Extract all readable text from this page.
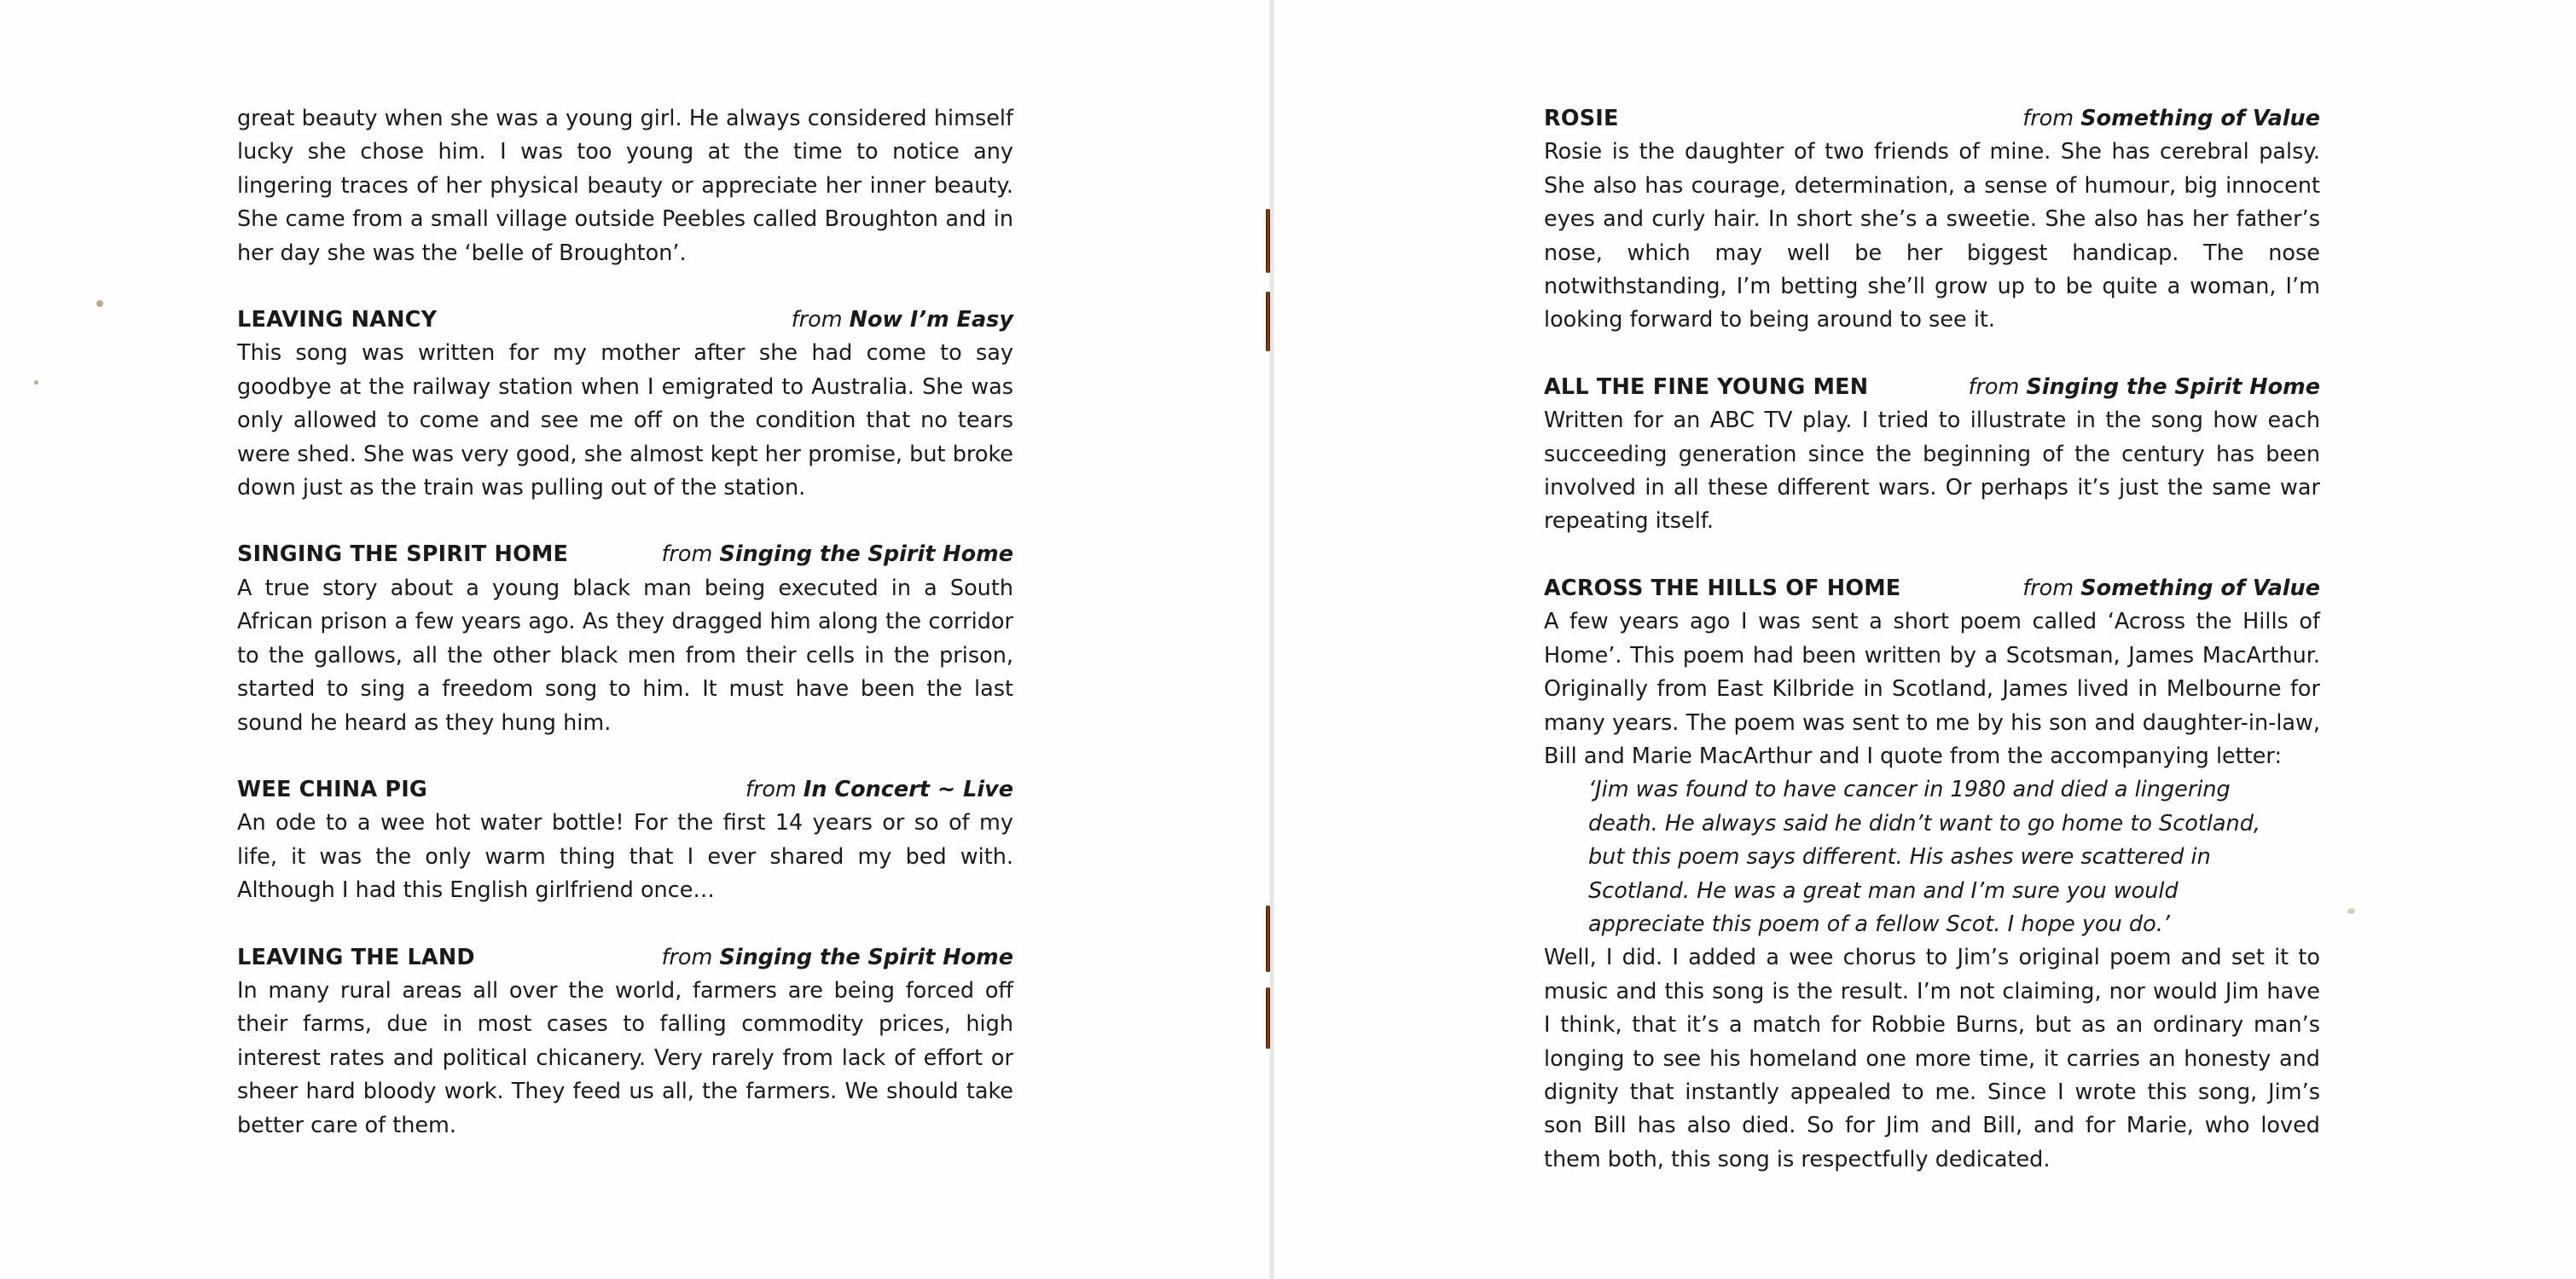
great beauty when she was a young girl. He always considered himself lucky she chose him. I was too young at the time to notice any lingering traces of her physical beauty or appreciate her inner beauty. She came from a small village outside Peebles called Broughton and in her day she was the ‘belle of Broughton’.

LEAVING NANCY	from Now I’m Easy

This song was written for my mother after she had come to say goodbye at the railway station when I emigrated to Australia. She was only allowed to come and see me off on the condition that no tears were shed. She was very good, she almost kept her promise, but broke down just as the train was pulling out of the station.

SINGING THE SPIRIT HOME	from Singing the Spirit Home

A true story about a young black man being executed in a South African prison a few years ago. As they dragged him along the corridor to the gallows, all the other black men from their cells in the prison, started to sing a freedom song to him. It must have been the last sound he heard as they hung him.

WEE CHINA PIG	from In Concert ~ Live

An ode to a wee hot water bottle! For the first 14 years or so of my life, it was the only warm thing that I ever shared my bed with. Although I had this English girlfriend once…

LEAVING THE LAND	from Singing the Spirit Home

In many rural areas all over the world, farmers are being forced off their farms, due in most cases to falling commodity prices, high interest rates and political chicanery. Very rarely from lack of effort or sheer hard bloody work. They feed us all, the farmers. We should take better care of them.

ROSIE	from Something of Value

Rosie is the daughter of two friends of mine. She has cerebral palsy. She also has courage, determination, a sense of humour, big innocent eyes and curly hair. In short she’s a sweetie. She also has her father’s nose, which may well be her biggest handicap. The nose notwithstanding, I’m betting she’ll grow up to be quite a woman, I’m looking forward to being around to see it.

ALL THE FINE YOUNG MEN	from Singing the Spirit Home

Written for an ABC TV play. I tried to illustrate in the song how each succeeding generation since the beginning of the century has been involved in all these different wars. Or perhaps it’s just the same war repeating itself.

ACROSS THE HILLS OF HOME	from Something of Value

A few years ago I was sent a short poem called ‘Across the Hills of Home’. This poem had been written by a Scotsman, James MacArthur. Originally from East Kilbride in Scotland, James lived in Melbourne for many years. The poem was sent to me by his son and daughter-in-law, Bill and Marie MacArthur and I quote from the accompanying letter:

‘Jim was found to have cancer in 1980 and died a lingering death. He always said he didn’t want to go home to Scotland, but this poem says different. His ashes were scattered in Scotland. He was a great man and I’m sure you would appreciate this poem of a fellow Scot. I hope you do.’

Well, I did. I added a wee chorus to Jim’s original poem and set it to music and this song is the result. I’m not claiming, nor would Jim have I think, that it’s a match for Robbie Burns, but as an ordinary man’s longing to see his homeland one more time, it carries an honesty and dignity that instantly appealed to me. Since I wrote this song, Jim’s son Bill has also died. So for Jim and Bill, and for Marie, who loved them both, this song is respectfully dedicated.
